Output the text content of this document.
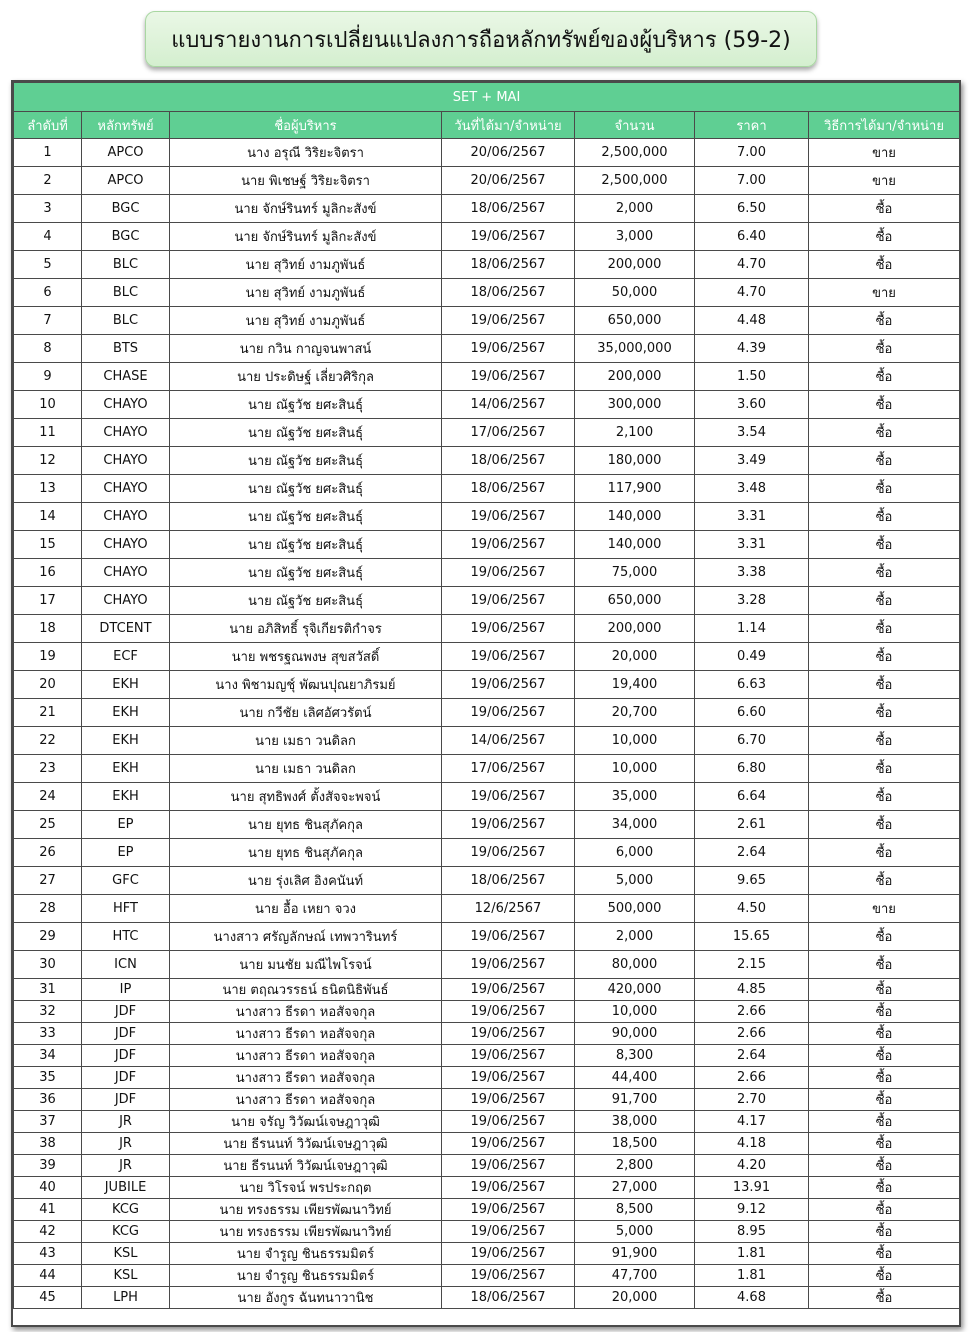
แบบรายงานการเปลี่ยนแปลงการถือหลักทรัพย์ของผู้บริหาร (59-2)
SET + MAI						
ลำดับที่	หลักทรัพย์	ชื่อผู้บริหาร	วันที่ได้มา/จำหน่าย	จำนวน	ราคา	วิธีการได้มา/จำหน่าย
1	APCO	นาง อรุณี วิริยะจิตรา	20/06/2567	2,500,000	7.00	ขาย
2	APCO	นาย พิเชษฐ์ วิริยะจิตรา	20/06/2567	2,500,000	7.00	ขาย
3	BGC	นาย จักษ์รินทร์ มูลิกะสังข์	18/06/2567	2,000	6.50	ซื้อ
4	BGC	นาย จักษ์รินทร์ มูลิกะสังข์	19/06/2567	3,000	6.40	ซื้อ
5	BLC	นาย สุวิทย์ งามภูพันธ์	18/06/2567	200,000	4.70	ซื้อ
6	BLC	นาย สุวิทย์ งามภูพันธ์	18/06/2567	50,000	4.70	ขาย
7	BLC	นาย สุวิทย์ งามภูพันธ์	19/06/2567	650,000	4.48	ซื้อ
8	BTS	นาย กวิน กาญจนพาสน์	19/06/2567	35,000,000	4.39	ซื้อ
9	CHASE	นาย ประดิษฐ์ เลี่ยวศิริกุล	19/06/2567	200,000	1.50	ซื้อ
10	CHAYO	นาย ณัฐวัช ยศะสินธุ์	14/06/2567	300,000	3.60	ซื้อ
11	CHAYO	นาย ณัฐวัช ยศะสินธุ์	17/06/2567	2,100	3.54	ซื้อ
12	CHAYO	นาย ณัฐวัช ยศะสินธุ์	18/06/2567	180,000	3.49	ซื้อ
13	CHAYO	นาย ณัฐวัช ยศะสินธุ์	18/06/2567	117,900	3.48	ซื้อ
14	CHAYO	นาย ณัฐวัช ยศะสินธุ์	19/06/2567	140,000	3.31	ซื้อ
15	CHAYO	นาย ณัฐวัช ยศะสินธุ์	19/06/2567	140,000	3.31	ซื้อ
16	CHAYO	นาย ณัฐวัช ยศะสินธุ์	19/06/2567	75,000	3.38	ซื้อ
17	CHAYO	นาย ณัฐวัช ยศะสินธุ์	19/06/2567	650,000	3.28	ซื้อ
18	DTCENT	นาย อภิสิทธิ์ รุจิเกียรติกำจร	19/06/2567	200,000	1.14	ซื้อ
19	ECF	นาย พชรฐณพงษ สุขสวัสดิ์	19/06/2567	20,000	0.49	ซื้อ
20	EKH	นาง พิชามญชุ์ พัฒนปุณยาภิรมย์	19/06/2567	19,400	6.63	ซื้อ
21	EKH	นาย กวีชัย เลิศอัศวรัตน์	19/06/2567	20,700	6.60	ซื้อ
22	EKH	นาย เมธา วนดิลก	14/06/2567	10,000	6.70	ซื้อ
23	EKH	นาย เมธา วนดิลก	17/06/2567	10,000	6.80	ซื้อ
24	EKH	นาย สุทธิพงศ์ ตั้งสัจจะพจน์	19/06/2567	35,000	6.64	ซื้อ
25	EP	นาย ยุทธ ชินสุภัคกุล	19/06/2567	34,000	2.61	ซื้อ
26	EP	นาย ยุทธ ชินสุภัคกุล	19/06/2567	6,000	2.64	ซื้อ
27	GFC	นาย รุ่งเลิศ อิงคนันท์	18/06/2567	5,000	9.65	ซื้อ
28	HFT	นาย อื้อ เหยา จวง	12/6/2567	500,000	4.50	ขาย
29	HTC	นางสาว ศรัญลักษณ์ เทพวารินทร์	19/06/2567	2,000	15.65	ซื้อ
30	ICN	นาย มนชัย มณีไพโรจน์	19/06/2567	80,000	2.15	ซื้อ
31	IP	นาย ตฤณวรรธน์ ธนิตนิธิพันธ์	19/06/2567	420,000	4.85	ซื้อ
32	JDF	นางสาว ธีรดา หอสัจจกุล	19/06/2567	10,000	2.66	ซื้อ
33	JDF	นางสาว ธีรดา หอสัจจกุล	19/06/2567	90,000	2.66	ซื้อ
34	JDF	นางสาว ธีรดา หอสัจจกุล	19/06/2567	8,300	2.64	ซื้อ
35	JDF	นางสาว ธีรดา หอสัจจกุล	19/06/2567	44,400	2.66	ซื้อ
36	JDF	นางสาว ธีรดา หอสัจจกุล	19/06/2567	91,700	2.70	ซื้อ
37	JR	นาย จรัญ วิวัฒน์เจษฎาวุฒิ	19/06/2567	38,000	4.17	ซื้อ
38	JR	นาย ธีรนนท์ วิวัฒน์เจษฎาวุฒิ	19/06/2567	18,500	4.18	ซื้อ
39	JR	นาย ธีรนนท์ วิวัฒน์เจษฎาวุฒิ	19/06/2567	2,800	4.20	ซื้อ
40	JUBILE	นาย วิโรจน์ พรประกฤต	19/06/2567	27,000	13.91	ซื้อ
41	KCG	นาย ทรงธรรม เพียรพัฒนาวิทย์	19/06/2567	8,500	9.12	ซื้อ
42	KCG	นาย ทรงธรรม เพียรพัฒนาวิทย์	19/06/2567	5,000	8.95	ซื้อ
43	KSL	นาย จำรูญ ชินธรรมมิตร์	19/06/2567	91,900	1.81	ซื้อ
44	KSL	นาย จำรูญ ชินธรรมมิตร์	19/06/2567	47,700	1.81	ซื้อ
45	LPH	นาย อังกูร ฉันทนาวานิช	18/06/2567	20,000	4.68	ซื้อ
